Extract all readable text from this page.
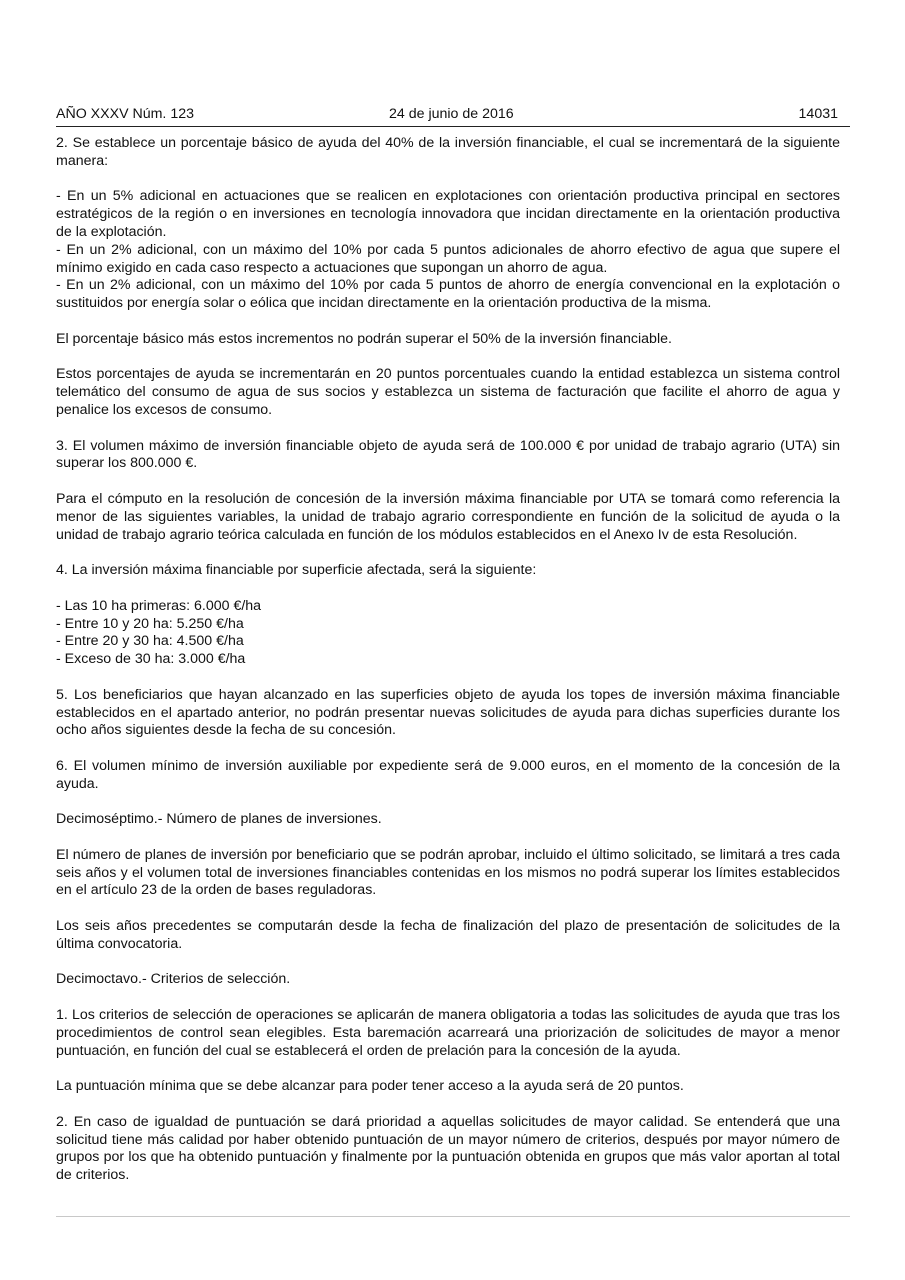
AÑO XXXV Núm. 123	24 de junio de 2016	14031

2. Se establece un porcentaje básico de ayuda del 40% de la inversión financiable, el cual se incrementará de la siguiente manera:

- En un 5% adicional en actuaciones que se realicen en explotaciones con orientación productiva principal en sectores estratégicos de la región o en inversiones en tecnología innovadora que incidan directamente en la orientación productiva de la explotación.

- En un 2% adicional, con un máximo del 10% por cada 5 puntos adicionales de ahorro efectivo de agua que supere el mínimo exigido en cada caso respecto a actuaciones que supongan un ahorro de agua.

- En un 2% adicional, con un máximo del 10% por cada 5 puntos de ahorro de energía convencional en la explotación o sustituidos por energía solar o eólica que incidan directamente en la orientación productiva de la misma.

El porcentaje básico más estos incrementos no podrán superar el 50% de la inversión financiable.

Estos porcentajes de ayuda se incrementarán en 20 puntos porcentuales cuando la entidad establezca un sistema control telemático del consumo de agua de sus socios y establezca un sistema de facturación que facilite el ahorro de agua y penalice los excesos de consumo.

3. El volumen máximo de inversión financiable objeto de ayuda será de 100.000 € por unidad de trabajo agrario (UTA) sin superar los 800.000 €.

Para el cómputo en la resolución de concesión de la inversión máxima financiable por UTA se tomará como referencia la menor de las siguientes variables, la unidad de trabajo agrario correspondiente en función de la solicitud de ayuda o la unidad de trabajo agrario teórica calculada en función de los módulos establecidos en el Anexo Iv de esta Resolución.

4. La inversión máxima financiable por superficie afectada, será la siguiente:

- Las 10 ha primeras: 6.000 €/ha

- Entre 10 y 20 ha: 5.250 €/ha

- Entre 20 y 30 ha: 4.500 €/ha

- Exceso de 30 ha: 3.000 €/ha

5. Los beneficiarios que hayan alcanzado en las superficies objeto de ayuda los topes de inversión máxima financiable establecidos en el apartado anterior, no podrán presentar nuevas solicitudes de ayuda para dichas superficies durante los ocho años siguientes desde la fecha de su concesión.

6. El volumen mínimo de inversión auxiliable por expediente será de 9.000 euros, en el momento de la concesión de la ayuda.

Decimoséptimo.- Número de planes de inversiones.

El número de planes de inversión por beneficiario que se podrán aprobar, incluido el último solicitado, se limitará a tres cada seis años y el volumen total de inversiones financiables contenidas en los mismos no podrá superar los límites establecidos en el artículo 23 de la orden de bases reguladoras.

Los seis años precedentes se computarán desde la fecha de finalización del plazo de presentación de solicitudes de la última convocatoria.

Decimoctavo.- Criterios de selección.

1. Los criterios de selección de operaciones se aplicarán de manera obligatoria a todas las solicitudes de ayuda que tras los procedimientos de control sean elegibles. Esta baremación acarreará una priorización de solicitudes de mayor a menor puntuación, en función del cual se establecerá el orden de prelación para la concesión de la ayuda.

La puntuación mínima que se debe alcanzar para poder tener acceso a la ayuda será de 20 puntos.

2. En caso de igualdad de puntuación se dará prioridad a aquellas solicitudes de mayor calidad. Se entenderá que una solicitud tiene más calidad por haber obtenido puntuación de un mayor número de criterios, después por mayor número de grupos por los que ha obtenido puntuación y finalmente por la puntuación obtenida en grupos que más valor aportan al total de criterios.
